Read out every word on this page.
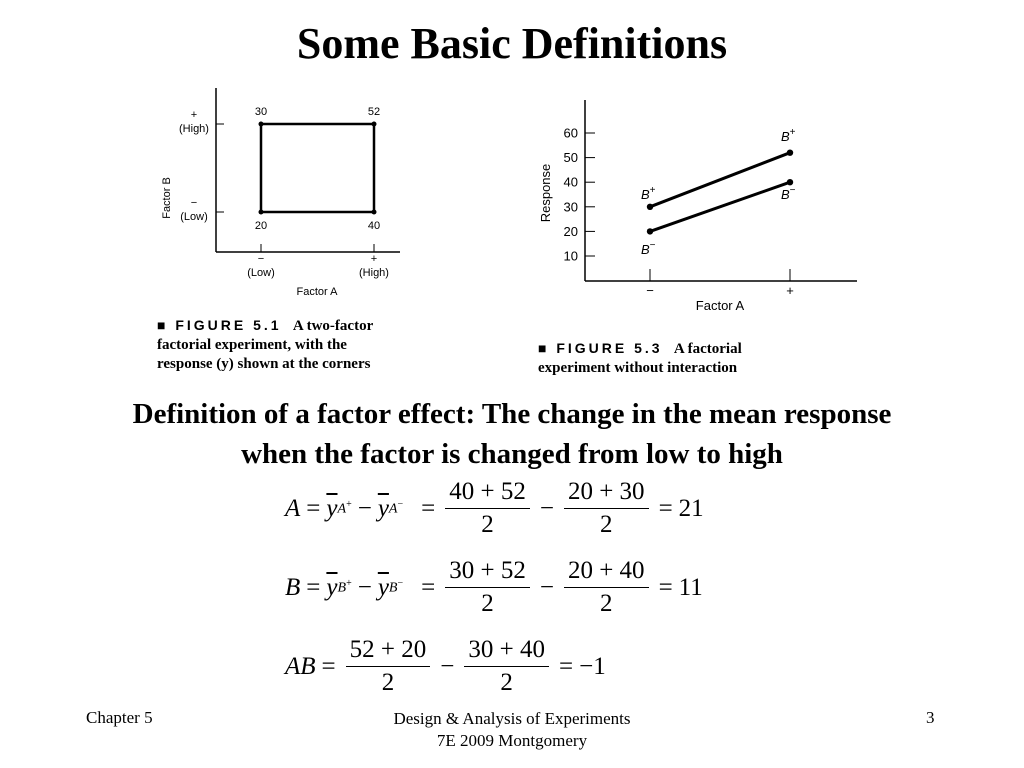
Some Basic Definitions
Factor B
+
(High)
−
(Low)
30	52
20	40
−
(Low)
+
(High)
Factor A
■ FIGURE 5.1 A two-factor
factorial experiment, with the
response (y) shown at the corners
Response
60
50
40
30
20
10
−	+
Factor A
B+
B−
B+
B−
■ FIGURE 5.3 A factorial
experiment without interaction
Definition of a factor effect: The change in the mean response
when the factor is changed from low to high
$A = \overline{y}$ $A^+ - \overline{y}$ $A^- = \frac{40 + 52}{2} - \frac{20 + 30}{2} = 21$
$B = \overline{y}$ $B^+ - \overline{y}$ $B^- = \frac{30 + 52}{2} - \frac{20 + 40}{2} = 11$
AB = $\frac{52 + 20}{2} - \frac{30 + 40}{2} = -1$
Chapter 5	Design & Analysis of Experiments
7E 2009 Montgomery
3
